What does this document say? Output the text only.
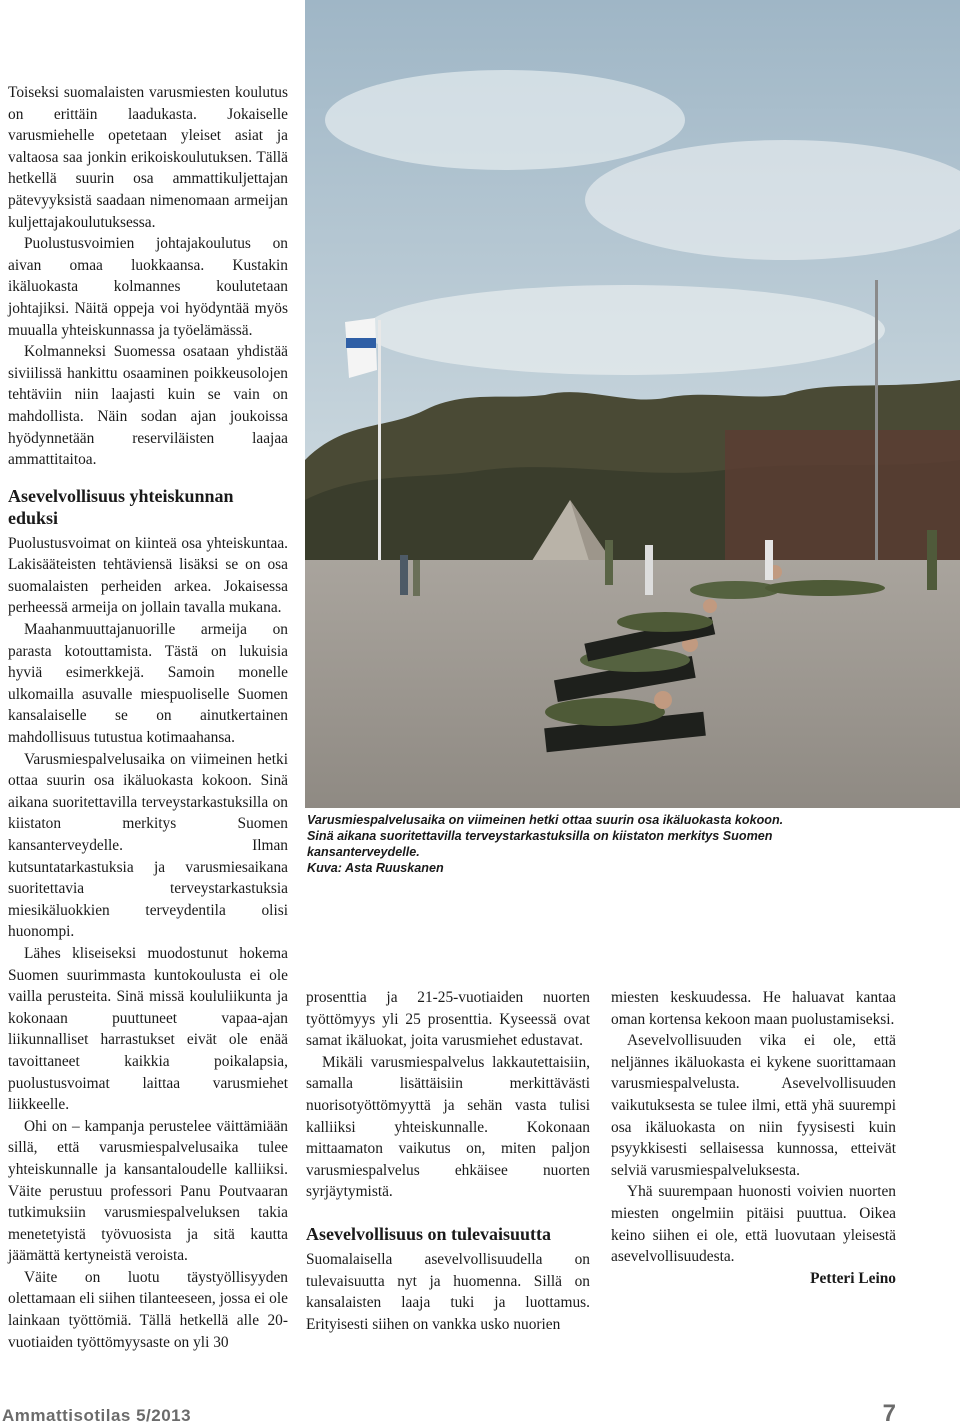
Toiseksi suomalaisten varusmiesten koulutus on erittäin laadukasta. Jokaiselle varusmiehelle opetetaan yleiset asiat ja valtaosa saa jonkin erikoiskoulutuksen. Tällä hetkellä suurin osa ammattikuljettajan pätevyyksistä saadaan nimenomaan armeijan kuljettajakoulutuksessa.

Puolustusvoimien johtajakoulutus on aivan omaa luokkaansa. Kustakin ikäluokasta kolmannes koulutetaan johtajiksi. Näitä oppeja voi hyödyntää myös muualla yhteiskunnassa ja työelämässä.

Kolmanneksi Suomessa osataan yhdistää siviilissä hankittu osaaminen poikkeusolojen tehtäviin niin laajasti kuin se vain on mahdollista. Näin sodan ajan joukoissa hyödynnetään reserviläisten laajaa ammattitaitoa.

Asevelvollisuus yhteiskunnan eduksi

Puolustusvoimat on kiinteä osa yhteiskuntaa. Lakisääteisten tehtäviensä lisäksi se on osa suomalaisten perheiden arkea. Jokaisessa perheessä armeija on jollain tavalla mukana.

Maahanmuuttajanuorille armeija on parasta kotouttamista. Tästä on lukuisia hyviä esimerkkejä. Samoin monelle ulkomailla asuvalle miespuoliselle Suomen kansalaiselle se on ainutkertainen mahdollisuus tutustua kotimaahansa.

Varusmiespalvelusaika on viimeinen hetki ottaa suurin osa ikäluokasta kokoon. Sinä aikana suoritettavilla terveystarkastuksilla on kiistaton merkitys Suomen kansanterveydelle. Ilman kutsuntatarkastuksia ja varusmiesaikana suoritettavia terveystarkastuksia miesikäluokkien terveydentila olisi huonompi.

Lähes kliseiseksi muodostunut hokema Suomen suurimmasta kuntokoulusta ei ole vailla perusteita. Sinä missä koululiikunta ja kokonaan puuttuneet vapaa-ajan liikunnalliset harrastukset eivät ole enää tavoittaneet kaikkia poikalapsia, puolustusvoimat laittaa varusmiehet liikkeelle.

Ohi on – kampanja perustelee väittämiään sillä, että varusmiespalvelusaika tulee yhteiskunnalle ja kansantaloudelle kalliiksi. Väite perustuu professori Panu Poutvaaran tutkimuksiin varusmiespalveluksen takia menetetyistä työvuosista ja sitä kautta jäämättä kertyneistä veroista.

Väite on luotu täystyöllisyyden olettamaan eli siihen tilanteeseen, jossa ei ole lainkaan työttömiä. Tällä hetkellä alle 20-vuotiaiden työttömyysaste on yli 30

Varusmiespalvelusaika on viimeinen hetki ottaa suurin osa ikäluokasta kokoon.
Sinä aikana suoritettavilla terveystarkastuksilla on kiistaton merkitys Suomen kansanterveydelle.
Kuva: Asta Ruuskanen

prosenttia ja 21-25-vuotiaiden nuorten työttömyys yli 25 prosenttia. Kyseessä ovat samat ikäluokat, joita varusmiehet edustavat.

Mikäli varusmiespalvelus lakkautettaisiin, samalla lisättäisiin merkittävästi nuorisotyöttömyyttä ja sehän vasta tulisi kalliiksi yhteiskunnalle. Kokonaan mittaamaton vaikutus on, miten paljon varusmiespalvelus ehkäisee nuorten syrjäytymistä.

Asevelvollisuus on tulevaisuutta

Suomalaisella asevelvollisuudella on tulevaisuutta nyt ja huomenna. Sillä on kansalaisten laaja tuki ja luottamus. Erityisesti siihen on vankka usko nuorien

miesten keskuudessa. He haluavat kantaa oman kortensa kekoon maan puolustamiseksi.

Asevelvollisuuden vika ei ole, että neljännes ikäluokasta ei kykene suorittamaan varusmiespalvelusta. Asevelvollisuuden vaikutuksesta se tulee ilmi, että yhä suurempi osa ikäluokasta on niin fyysisesti kuin psyykkisesti sellaisessa kunnossa, etteivät selviä varusmiespalveluksesta.

Yhä suurempaan huonosti voivien nuorten miesten ongelmiin pitäisi puuttua. Oikea keino siihen ei ole, että luovutaan yleisestä asevelvollisuudesta.

Petteri Leino

Ammattisotilas 5/2013	7
